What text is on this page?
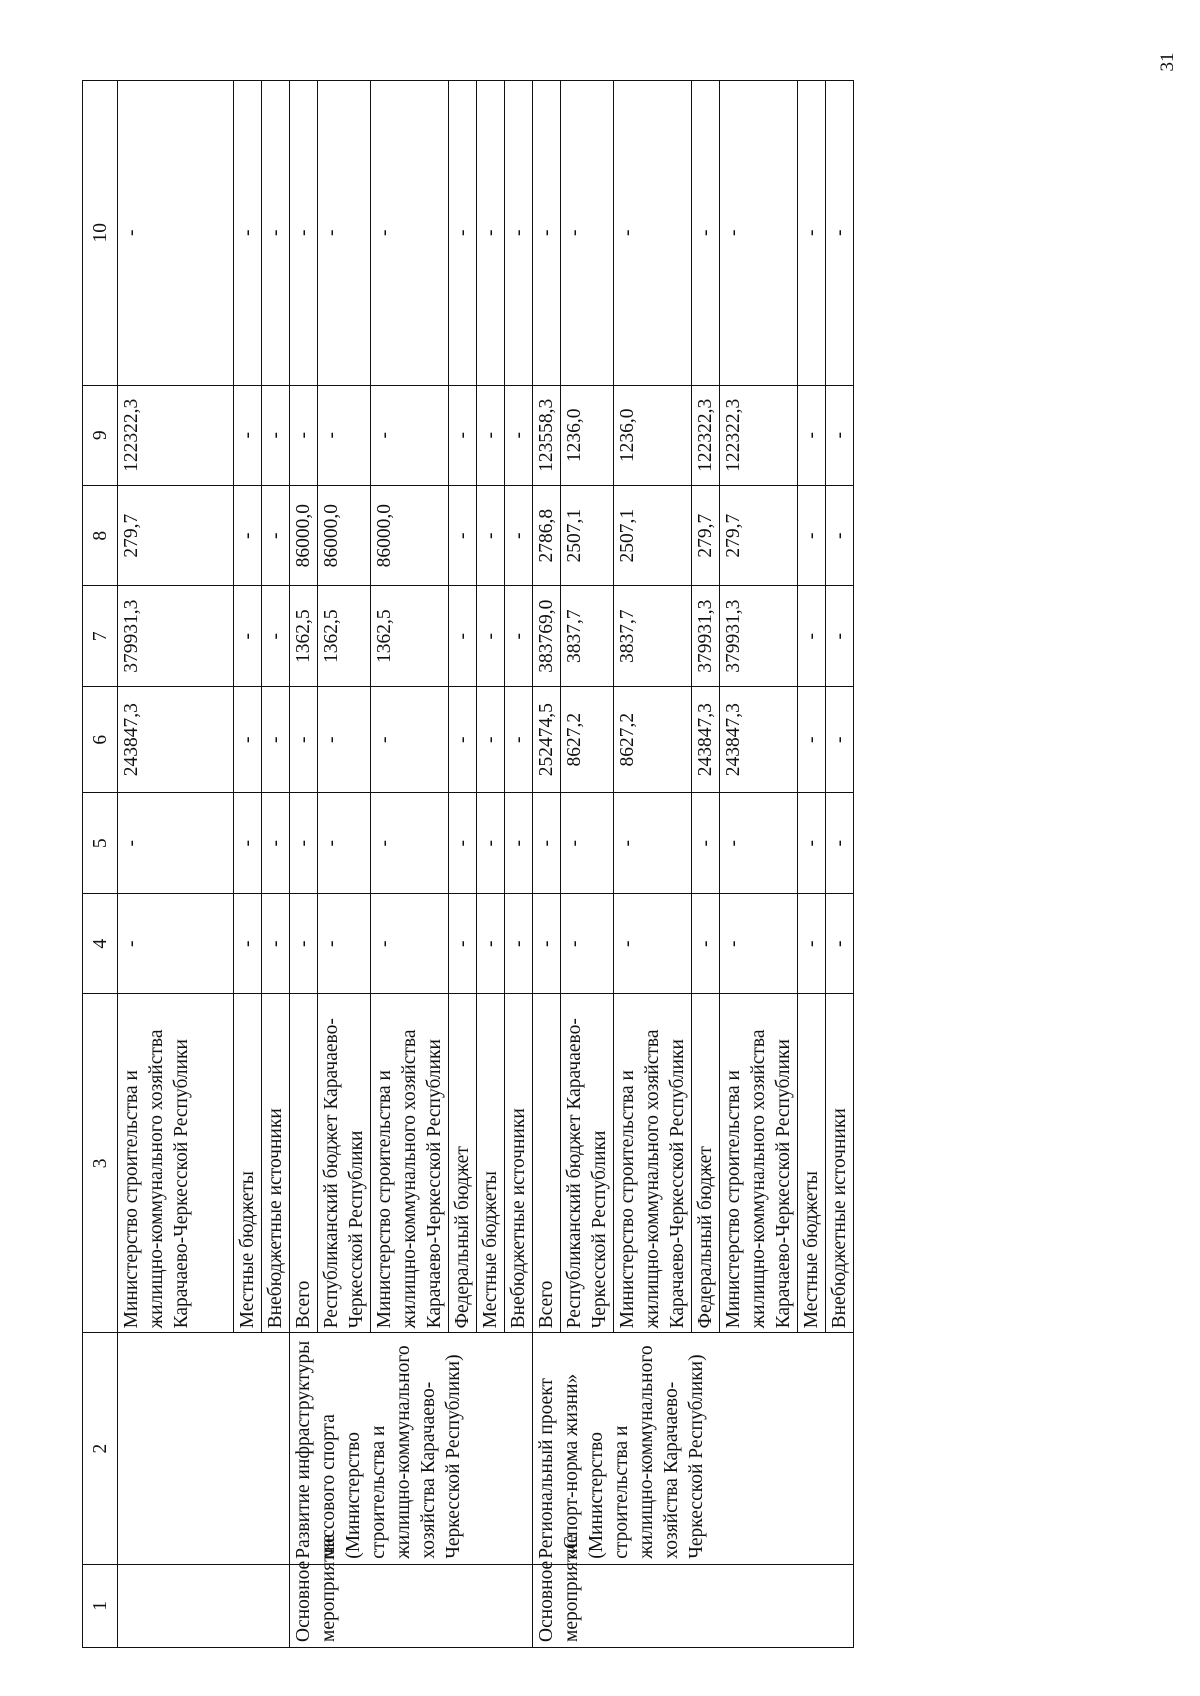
31
1	2	3	4	5	6	7	8	9	10
		Министерство строительства и жилищно-коммунального хозяйства Карачаево-Черкесской Республики	-	-	243847,3	379931,3	279,7	122322,3	-
		Местные бюджеты	-	-	-	-	-	-	-
		Внебюджетные источники	-	-	-	-	-	-	-
Основное мероприятие	Развитие инфраструктуры массового спорта (Министерство строительства и жилищно-коммунального хозяйства Карачаево-Черкесской Республики)	Всего	-	-	-	1362,5	86000,0	-	-
		Республиканский бюджет Карачаево-Черкесской Республики	-	-	-	1362,5	86000,0	-	-
		Министерство строительства и жилищно-коммунального хозяйства Карачаево-Черкесской Республики	-	-	-	1362,5	86000,0	-	-
		Федеральный бюджет	-	-	-	-	-	-	-
		Местные бюджеты	-	-	-	-	-	-	-
		Внебюджетные источники	-	-	-	-	-	-	-
Основное мероприятие	Региональный проект «Спорт-норма жизни» (Министерство строительства и жилищно-коммунального хозяйства Карачаево-Черкесской Республики)	Всего	-	-	252474,5	383769,0	2786,8	123558,3	-
		Республиканский бюджет Карачаево-Черкесской Республики	-	-	8627,2	3837,7	2507,1	1236,0	-
		Министерство строительства и жилищно-коммунального хозяйства Карачаево-Черкесской Республики	-	-	8627,2	3837,7	2507,1	1236,0	-
		Федеральный бюджет	-	-	243847,3	379931,3	279,7	122322,3	-
		Министерство строительства и жилищно-коммунального хозяйства Карачаево-Черкесской Республики	-	-	243847,3	379931,3	279,7	122322,3	-
		Местные бюджеты	-	-	-	-	-	-	-
		Внебюджетные источники	-	-	-	-	-	-	-
